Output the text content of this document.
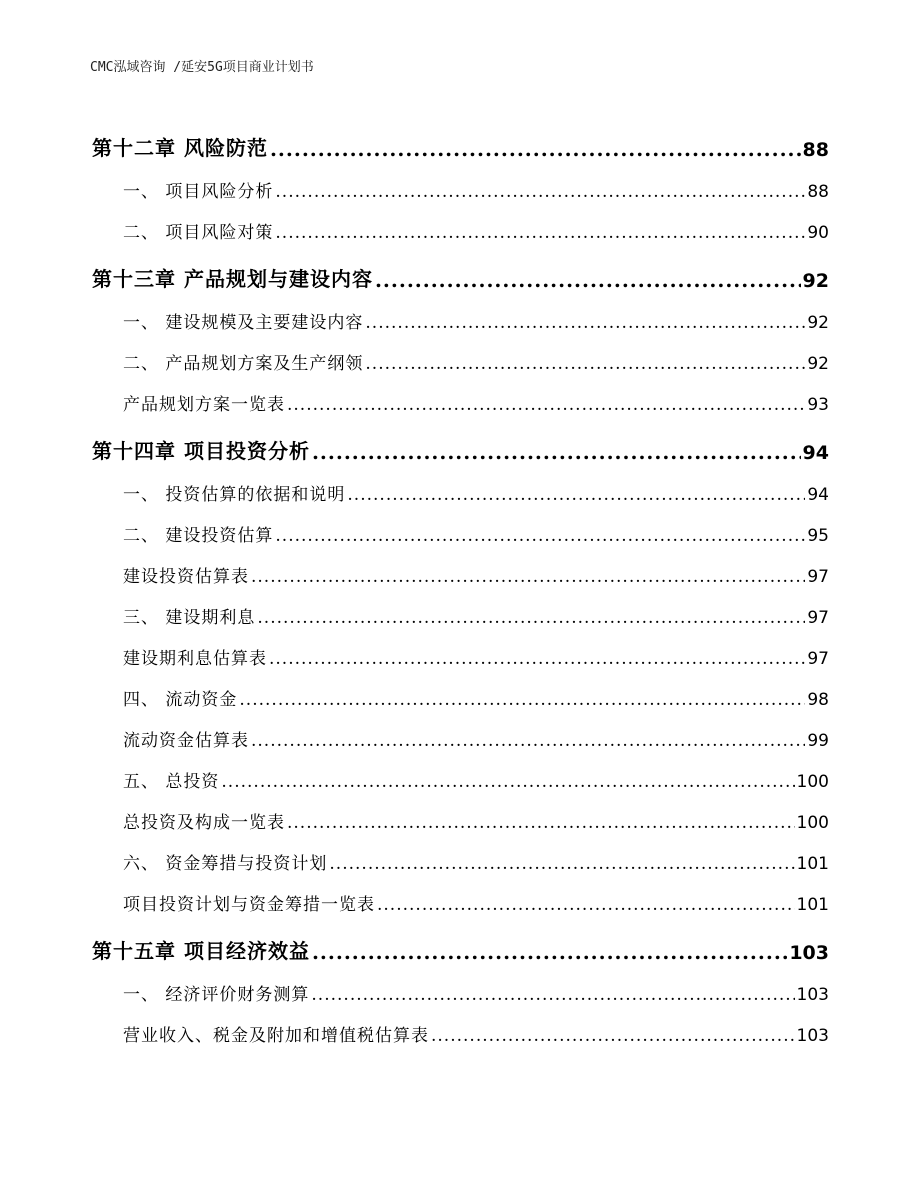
CMC泓域咨询 /延安5G项目商业计划书
第十二章 风险防范 .....	88
一、 项目风险分析 .....	88
二、 项目风险对策 .....	90
第十三章 产品规划与建设内容 .....	92
一、 建设规模及主要建设内容 .....	92
二、 产品规划方案及生产纲领 .....	92
产品规划方案一览表 .....	93
第十四章 项目投资分析 .....	94
一、 投资估算的依据和说明 .....	94
二、 建设投资估算 .....	95
建设投资估算表 .....	97
三、 建设期利息 .....	97
建设期利息估算表 .....	97
四、 流动资金 .....	98
流动资金估算表 .....	99
五、 总投资 .....	100
总投资及构成一览表 .....	100
六、 资金筹措与投资计划 .....	101
项目投资计划与资金筹措一览表 .....	101
第十五章 项目经济效益 .....	103
一、 经济评价财务测算 .....	103
营业收入、税金及附加和增值税估算表 .....	103
